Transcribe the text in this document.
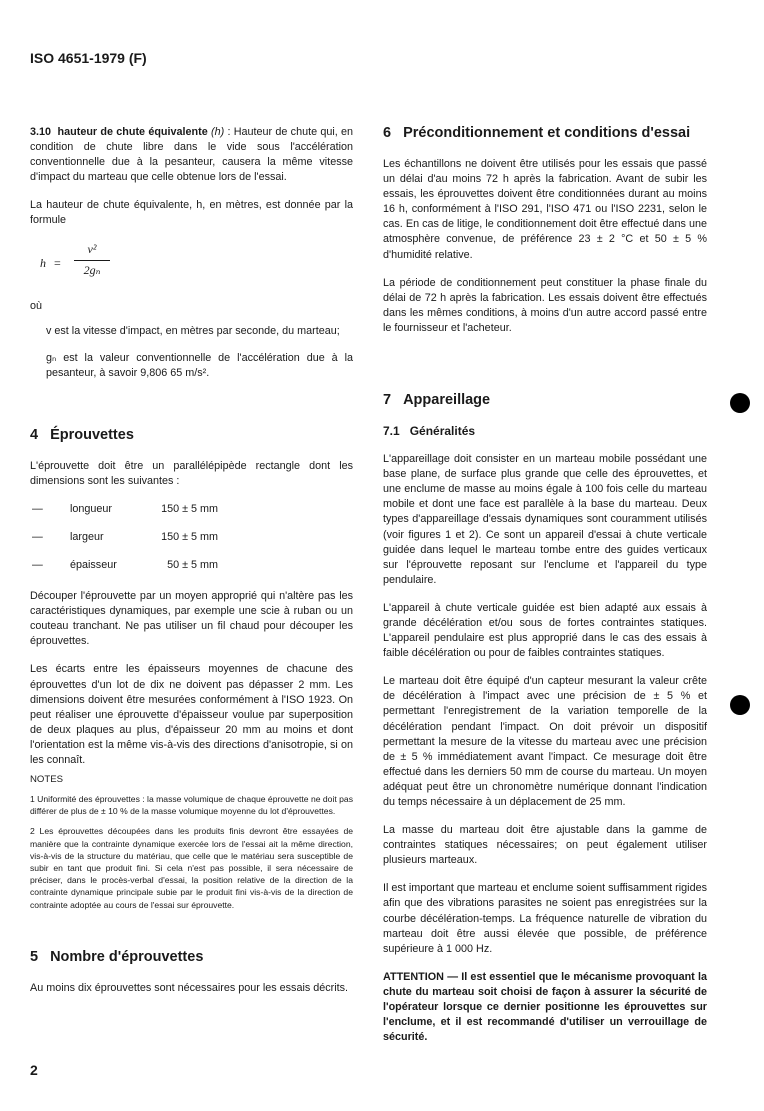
ISO 4651-1979 (F)

3.10 hauteur de chute équivalente (h) : Hauteur de chute qui, en condition de chute libre dans le vide sous l'accélération conventionnelle due à la pesanteur, causera la même vitesse d'impact du marteau que celle obtenue lors de l'essai.

La hauteur de chute équivalente, h, en mètres, est donnée par la formule

h =
v²
2gₙ

où

v est la vitesse d'impact, en mètres par seconde, du marteau;

gₙ est la valeur conventionnelle de l'accélération due à la pesanteur, à savoir 9,806 65 m/s².

4 Éprouvettes

L'éprouvette doit être un parallélépipède rectangle dont les dimensions sont les suivantes :

—	longueur	150 ± 5 mm
—	largeur	150 ± 5 mm
—	épaisseur	50 ± 5 mm

Découper l'éprouvette par un moyen approprié qui n'altère pas les caractéristiques dynamiques, par exemple une scie à ruban ou un couteau tranchant. Ne pas utiliser un fil chaud pour découper les éprouvettes.

Les écarts entre les épaisseurs moyennes de chacune des éprouvettes d'un lot de dix ne doivent pas dépasser 2 mm. Les dimensions doivent être mesurées conformément à l'ISO 1923. On peut réaliser une éprouvette d'épaisseur voulue par superposition de deux plaques au plus, d'épaisseur 20 mm au moins et dont l'orientation est la même vis-à-vis des directions d'anisotropie, si on les connaît.

NOTES

1 Uniformité des éprouvettes : la masse volumique de chaque éprouvette ne doit pas différer de plus de ± 10 % de la masse volumique moyenne du lot d'éprouvettes.

2 Les éprouvettes découpées dans les produits finis devront être essayées de manière que la contrainte dynamique exercée lors de l'essai ait la même direction, vis-à-vis de la structure du matériau, que celle que le matériau sera susceptible de subir en tant que produit fini. Si cela n'est pas possible, il sera nécessaire de préciser, dans le procès-verbal d'essai, la position relative de la direction de la contrainte dynamique principale subie par le produit fini vis-à-vis de la direction de contrainte adoptée au cours de l'essai sur éprouvette.

5 Nombre d'éprouvettes

Au moins dix éprouvettes sont nécessaires pour les essais décrits.

6 Préconditionnement et conditions d'essai

Les échantillons ne doivent être utilisés pour les essais que passé un délai d'au moins 72 h après la fabrication. Avant de subir les essais, les éprouvettes doivent être conditionnées durant au moins 16 h, conformément à l'ISO 291, l'ISO 471 ou l'ISO 2231, selon le cas. En cas de litige, le conditionnement doit être effectué dans une atmosphère convenue, de préférence 23 ± 2 °C et 50 ± 5 % d'humidité relative.

La période de conditionnement peut constituer la phase finale du délai de 72 h après la fabrication. Les essais doivent être effectués dans les mêmes conditions, à moins d'un autre accord passé entre le fournisseur et l'acheteur.

7 Appareillage
7.1 Généralités

L'appareillage doit consister en un marteau mobile possédant une base plane, de surface plus grande que celle des éprouvettes, et une enclume de masse au moins égale à 100 fois celle du marteau mobile et dont une face est parallèle à la base du marteau. Deux types d'appareillage d'essais dynamiques sont couramment utilisés (voir figures 1 et 2). Ce sont un appareil d'essai à chute verticale guidée dans lequel le marteau tombe entre des guides verticaux sur l'éprouvette reposant sur l'enclume et l'appareil du type pendulaire.

L'appareil à chute verticale guidée est bien adapté aux essais à grande décélération et/ou sous de fortes contraintes statiques. L'appareil pendulaire est plus approprié dans le cas des essais à faible décélération ou pour de faibles contraintes statiques.

Le marteau doit être équipé d'un capteur mesurant la valeur crête de décélération à l'impact avec une précision de ± 5 % et permettant l'enregistrement de la variation temporelle de la décélération pendant l'impact. On doit prévoir un dispositif permettant la mesure de la vitesse du marteau avec une précision de ± 5 % immédiatement avant l'impact. Ce mesurage doit être effectué dans les derniers 50 mm de course du marteau. Un moyen adéquat peut être un chronomètre numérique donnant l'indication du temps nécessaire à un déplacement de 25 mm.

La masse du marteau doit être ajustable dans la gamme de contraintes statiques nécessaires; on peut également utiliser plusieurs marteaux.

Il est important que marteau et enclume soient suffisamment rigides afin que des vibrations parasites ne soient pas enregistrées sur la courbe décélération-temps. La fréquence naturelle de vibration du marteau doit être aussi élevée que possible, de préférence supérieure à 1 000 Hz.

ATTENTION — Il est essentiel que le mécanisme provoquant la chute du marteau soit choisi de façon à assurer la sécurité de l'opérateur lorsque ce dernier positionne les éprouvettes sur l'enclume, et il est recommandé d'utiliser un verrouillage de sécurité.

2
